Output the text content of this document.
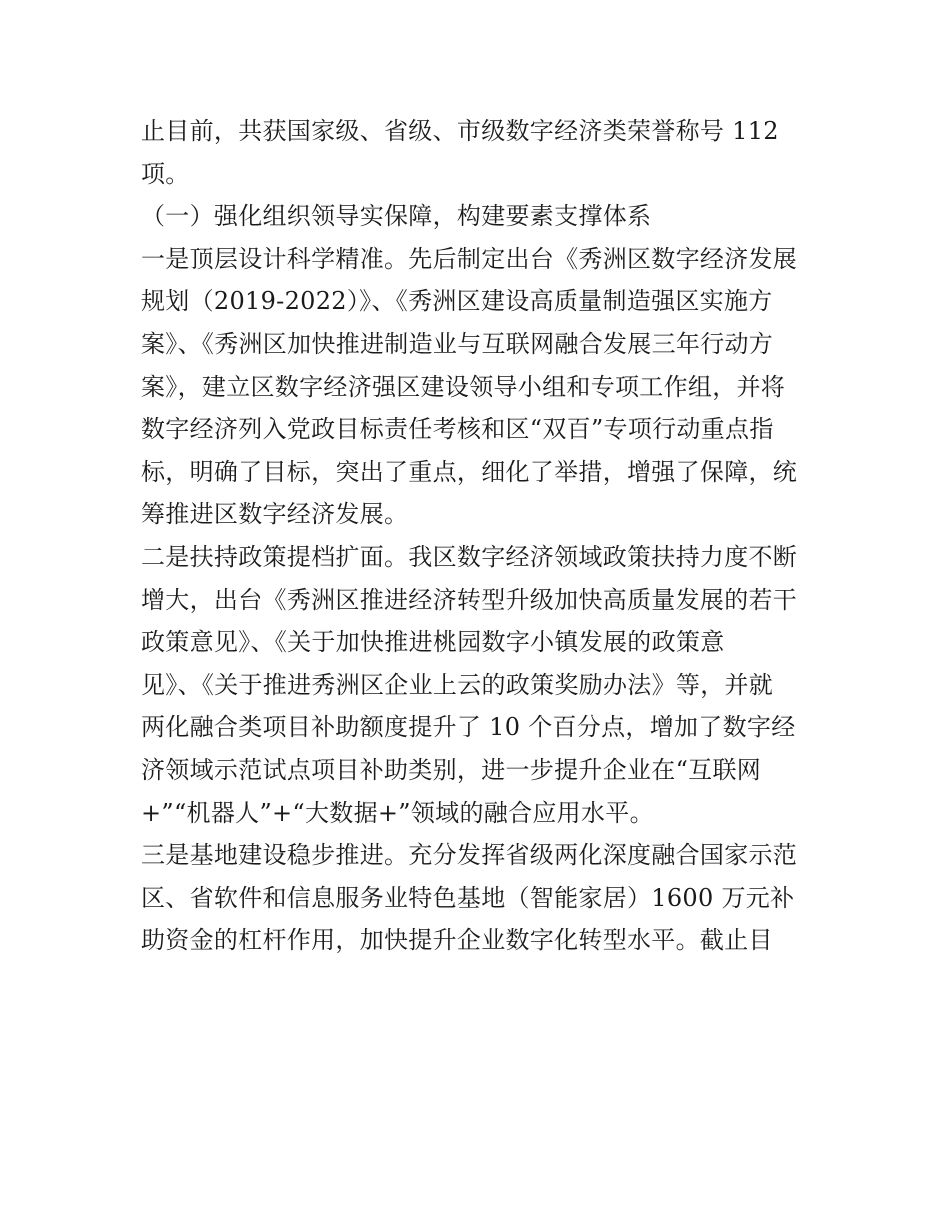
止目前，共获国家级、省级、市级数字经济类荣誉称号 112
项。
（一）强化组织领导实保障，构建要素支撑体系
一是顶层设计科学精准。先后制定出台《秀洲区数字经济发展
规划（2019-2022）》、《秀洲区建设高质量制造强区实施方
案》、《秀洲区加快推进制造业与互联网融合发展三年行动方
案》，建立区数字经济强区建设领导小组和专项工作组，并将
数字经济列入党政目标责任考核和区“双百”专项行动重点指
标，明确了目标，突出了重点，细化了举措，增强了保障，统
筹推进区数字经济发展。
二是扶持政策提档扩面。我区数字经济领域政策扶持力度不断
增大，出台《秀洲区推进经济转型升级加快高质量发展的若干
政策意见》、《关于加快推进桃园数字小镇发展的政策意
见》、《关于推进秀洲区企业上云的政策奖励办法》等，并就
两化融合类项目补助额度提升了 10 个百分点，增加了数字经
济领域示范试点项目补助类别，进一步提升企业在“互联网
+”“机器人”+“大数据+”领域的融合应用水平。
三是基地建设稳步推进。充分发挥省级两化深度融合国家示范
区、省软件和信息服务业特色基地（智能家居）1600 万元补
助资金的杠杆作用，加快提升企业数字化转型水平。截止目
